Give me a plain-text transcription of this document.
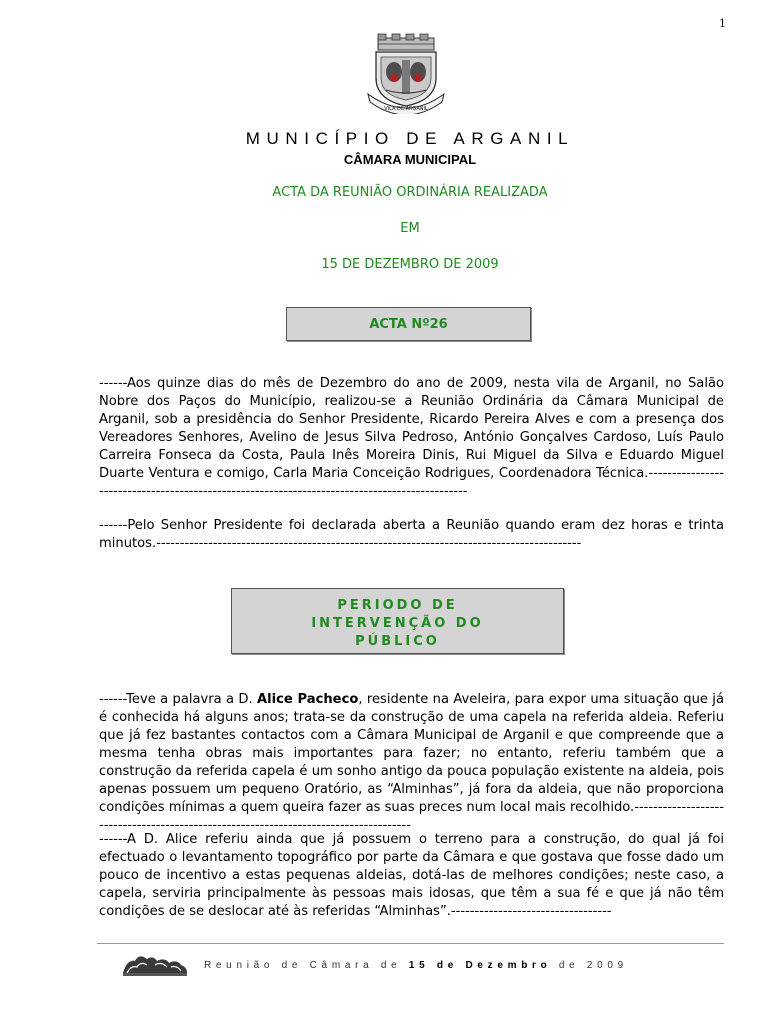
1
VILA DE ARGANIL
MUNICÍPIO DE ARGANIL
CÂMARA MUNICIPAL
ACTA DA REUNIÃO ORDINÁRIA REALIZADA
EM
15 DE DEZEMBRO DE 2009
ACTA Nº26
------Aos quinze dias do mês de Dezembro do ano de 2009, nesta vila de Arganil, no Salão Nobre dos Paços do Município, realizou-se a Reunião Ordinária da Câmara Municipal de Arganil, sob a presidência do Senhor Presidente, Ricardo Pereira Alves e com a presença dos Vereadores Senhores, Avelino de Jesus Silva Pedroso, António Gonçalves Cardoso, Luís Paulo Carreira Fonseca da Costa, Paula Inês Moreira Dinis, Rui Miguel da Silva e Eduardo Miguel Duarte Ventura e comigo, Carla Maria Conceição Rodrigues, Coordenadora Técnica.----------------------------------------------------------------------------------------------
------Pelo Senhor Presidente foi declarada aberta a Reunião quando eram dez horas e trinta minutos.------------------------------------------------------------------------------------------
PERIODO DE
INTERVENÇÃO DO
PÚBLICO
------Teve a palavra a D. Alice Pacheco, residente na Aveleira, para expor uma situação que já é conhecida há alguns anos; trata-se da construção de uma capela na referida aldeia. Referiu que já fez bastantes contactos com a Câmara Municipal de Arganil e que compreende que a mesma tenha obras mais importantes para fazer; no entanto, referiu também que a construção da referida capela é um sonho antigo da pouca população existente na aldeia, pois apenas possuem um pequeno Oratório, as “Alminhas”, já fora da aldeia, que não proporciona condições mínimas a quem queira fazer as suas preces num local mais recolhido.-------------------------------------------------------------------------------------
------A D. Alice referiu ainda que já possuem o terreno para a construção, do qual já foi efectuado o levantamento topográfico por parte da Câmara e que gostava que fosse dado um pouco de incentivo a estas pequenas aldeias, dotá-las de melhores condições; neste caso, a capela, serviria principalmente às pessoas mais idosas, que têm a sua fé e que já não têm condições de se deslocar até às referidas “Alminhas”.----------------------------------
Reunião de Câmara de 15 de Dezembro de 2009
